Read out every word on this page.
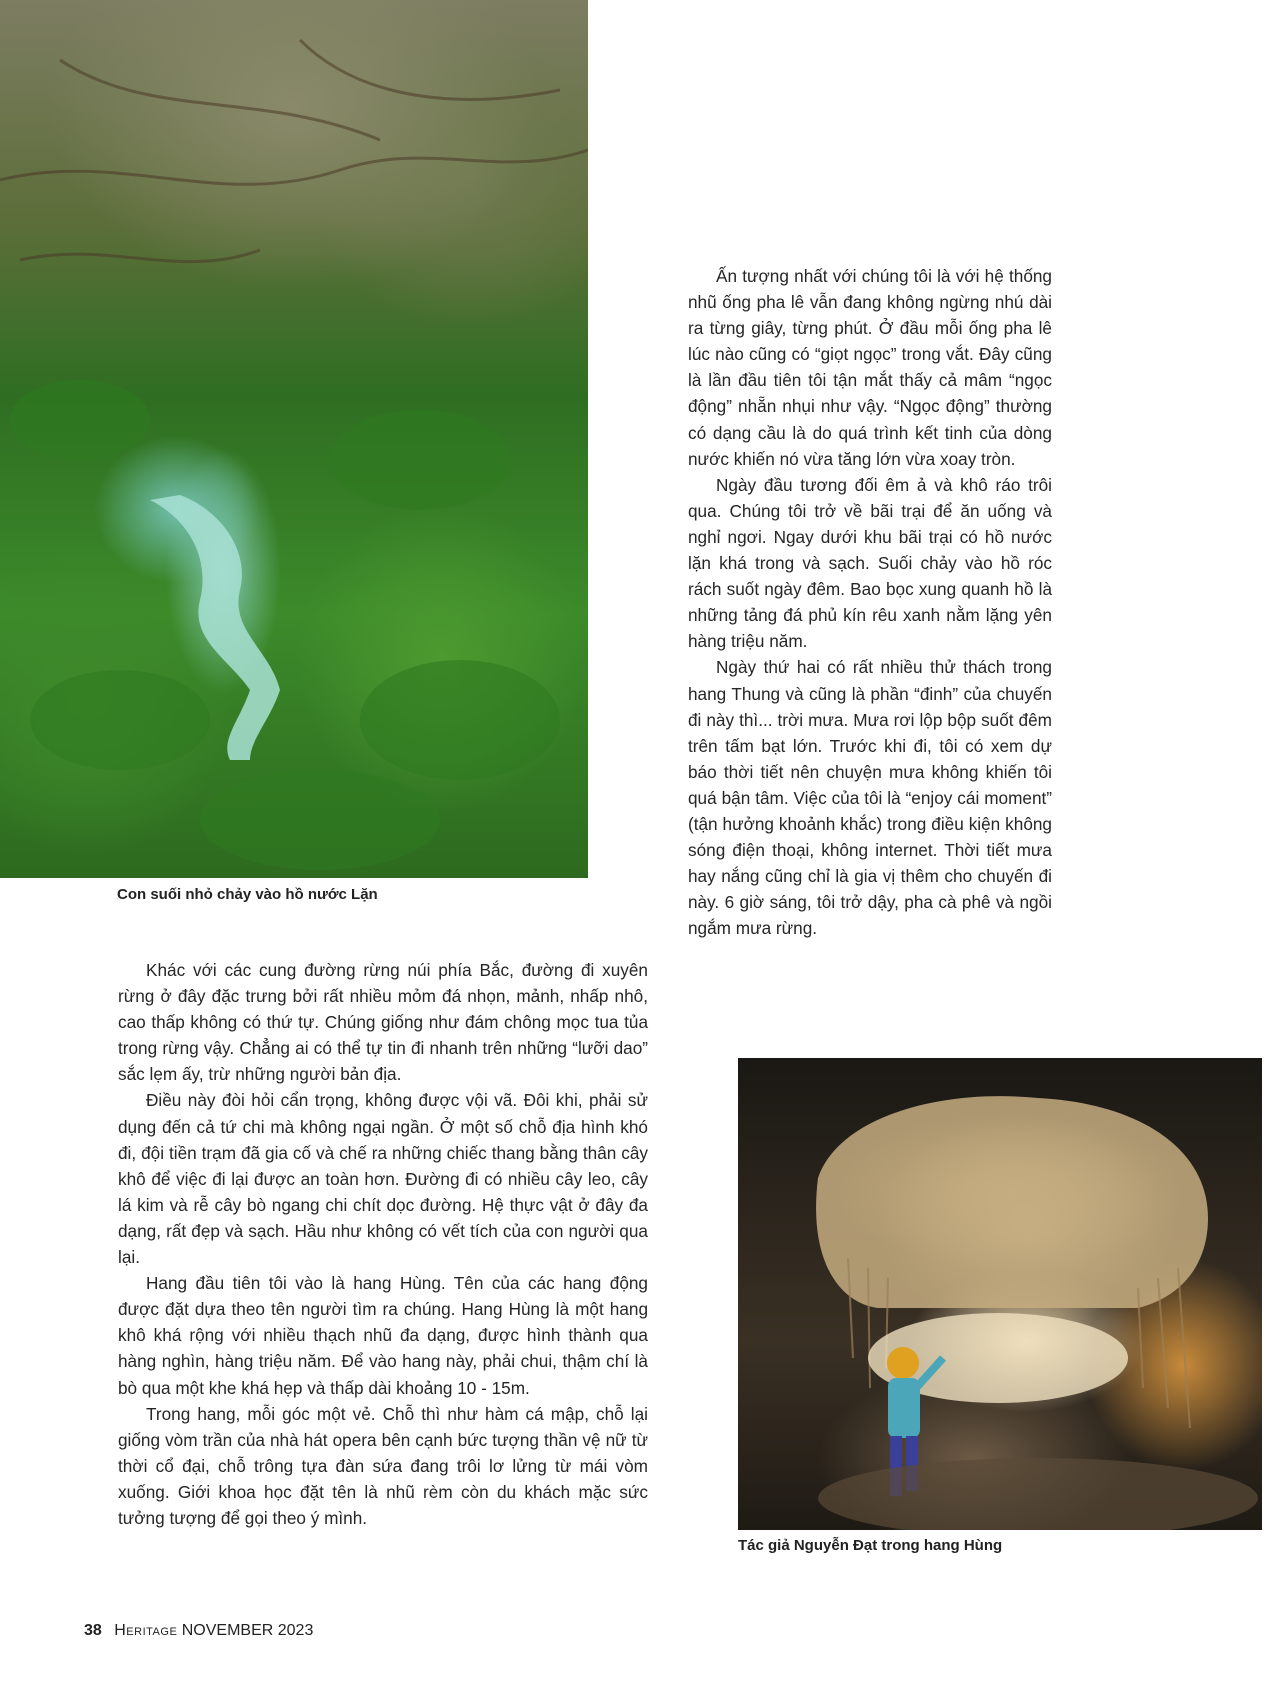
Con suối nhỏ chảy vào hồ nước Lặn

Ấn tượng nhất với chúng tôi là với hệ thống nhũ ống pha lê vẫn đang không ngừng nhú dài ra từng giây, từng phút. Ở đầu mỗi ống pha lê lúc nào cũng có “giọt ngọc” trong vắt. Đây cũng là lần đầu tiên tôi tận mắt thấy cả mâm “ngọc động” nhẵn nhụi như vậy. “Ngọc động” thường có dạng cầu là do quá trình kết tinh của dòng nước khiến nó vừa tăng lớn vừa xoay tròn.

Ngày đầu tương đối êm ả và khô ráo trôi qua. Chúng tôi trở về bãi trại để ăn uống và nghỉ ngơi. Ngay dưới khu bãi trại có hồ nước lặn khá trong và sạch. Suối chảy vào hồ róc rách suốt ngày đêm. Bao bọc xung quanh hồ là những tảng đá phủ kín rêu xanh nằm lặng yên hàng triệu năm.

Ngày thứ hai có rất nhiều thử thách trong hang Thung và cũng là phần “đinh” của chuyến đi này thì... trời mưa. Mưa rơi lộp bộp suốt đêm trên tấm bạt lớn. Trước khi đi, tôi có xem dự báo thời tiết nên chuyện mưa không khiến tôi quá bận tâm. Việc của tôi là “enjoy cái moment” (tận hưởng khoảnh khắc) trong điều kiện không sóng điện thoại, không internet. Thời tiết mưa hay nắng cũng chỉ là gia vị thêm cho chuyến đi này. 6 giờ sáng, tôi trở dậy, pha cà phê và ngồi ngắm mưa rừng.

Khác với các cung đường rừng núi phía Bắc, đường đi xuyên rừng ở đây đặc trưng bởi rất nhiều mỏm đá nhọn, mảnh, nhấp nhô, cao thấp không có thứ tự. Chúng giống như đám chông mọc tua tủa trong rừng vậy. Chẳng ai có thể tự tin đi nhanh trên những “lưỡi dao” sắc lẹm ấy, trừ những người bản địa.

Điều này đòi hỏi cẩn trọng, không được vội vã. Đôi khi, phải sử dụng đến cả tứ chi mà không ngại ngần. Ở một số chỗ địa hình khó đi, đội tiền trạm đã gia cố và chế ra những chiếc thang bằng thân cây khô để việc đi lại được an toàn hơn. Đường đi có nhiều cây leo, cây lá kim và rễ cây bò ngang chi chít dọc đường. Hệ thực vật ở đây đa dạng, rất đẹp và sạch. Hầu như không có vết tích của con người qua lại.

Hang đầu tiên tôi vào là hang Hùng. Tên của các hang động được đặt dựa theo tên người tìm ra chúng. Hang Hùng là một hang khô khá rộng với nhiều thạch nhũ đa dạng, được hình thành qua hàng nghìn, hàng triệu năm. Để vào hang này, phải chui, thậm chí là bò qua một khe khá hẹp và thấp dài khoảng 10 - 15m.

Trong hang, mỗi góc một vẻ. Chỗ thì như hàm cá mập, chỗ lại giống vòm trần của nhà hát opera bên cạnh bức tượng thần vệ nữ từ thời cổ đại, chỗ trông tựa đàn sứa đang trôi lơ lửng từ mái vòm xuống. Giới khoa học đặt tên là nhũ rèm còn du khách mặc sức tưởng tượng để gọi theo ý mình.

Tác giả Nguyễn Đạt trong hang Hùng
38 Heritage NOVEMBER 2023
